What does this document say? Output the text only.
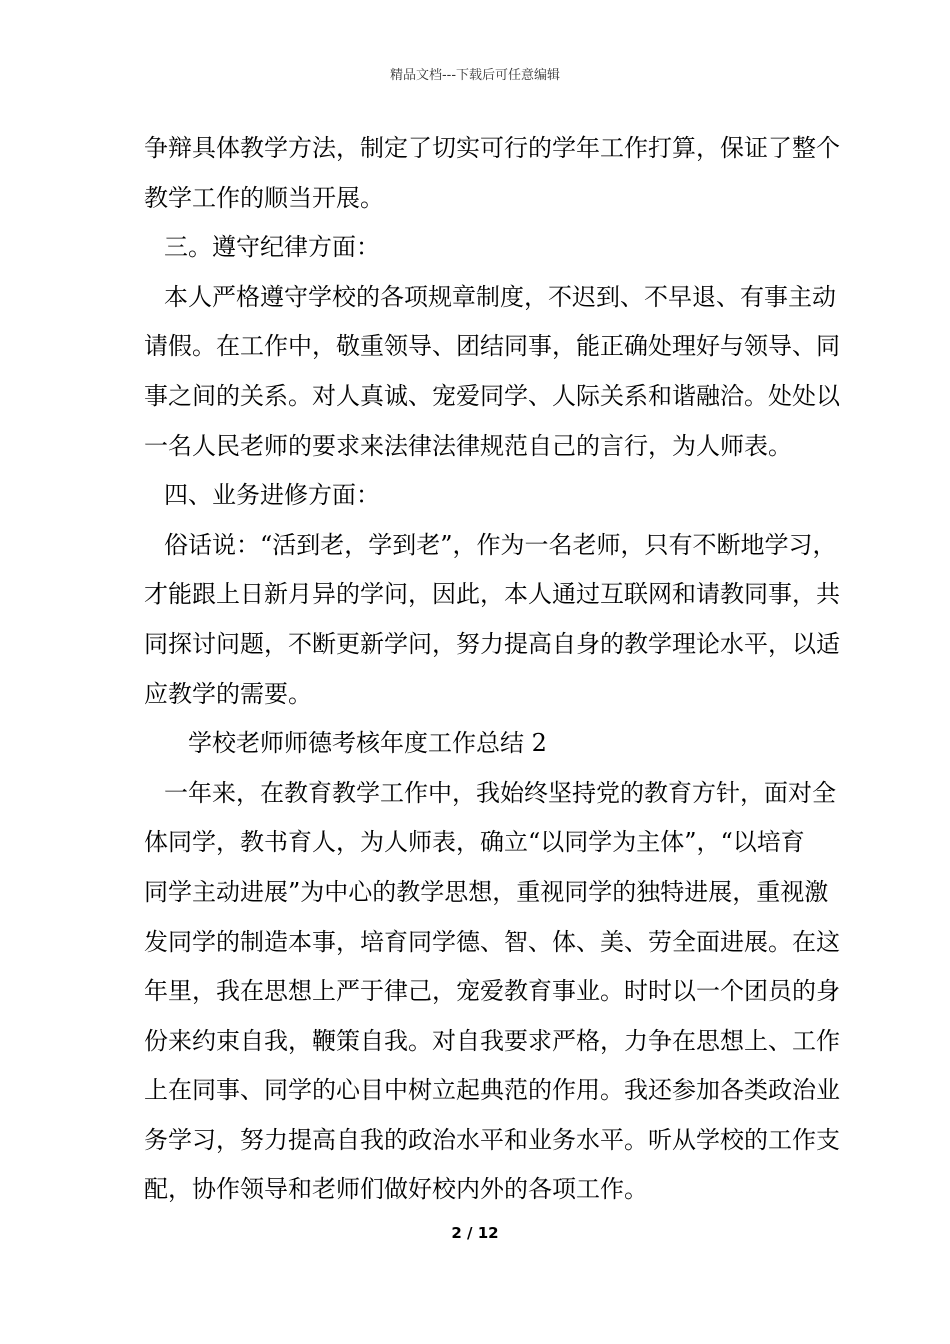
精品文档---下载后可任意编辑

争辩具体教学方法，制定了切实可行的学年工作打算，保证了整个

教学工作的顺当开展。

三。遵守纪律方面：

本人严格遵守学校的各项规章制度，不迟到、不早退、有事主动

请假。在工作中，敬重领导、团结同事，能正确处理好与领导、同

事之间的关系。对人真诚、宠爱同学、人际关系和谐融洽。处处以

一名人民老师的要求来法律法律规范自己的言行，为人师表。

四、业务进修方面：

俗话说：“活到老，学到老”，作为一名老师，只有不断地学习，

才能跟上日新月异的学问，因此，本人通过互联网和请教同事，共

同探讨问题，不断更新学问，努力提高自身的教学理论水平，以适

应教学的需要。

学校老师师德考核年度工作总结 2

一年来，在教育教学工作中，我始终坚持党的教育方针，面对全

体同学，教书育人，为人师表，确立“以同学为主体”，“以培育

同学主动进展”为中心的教学思想，重视同学的独特进展，重视激

发同学的制造本事，培育同学德、智、体、美、劳全面进展。在这

年里，我在思想上严于律己，宠爱教育事业。时时以一个团员的身

份来约束自我，鞭策自我。对自我要求严格，力争在思想上、工作

上在同事、同学的心目中树立起典范的作用。我还参加各类政治业

务学习，努力提高自我的政治水平和业务水平。听从学校的工作支

配，协作领导和老师们做好校内外的各项工作。

2 / 12
